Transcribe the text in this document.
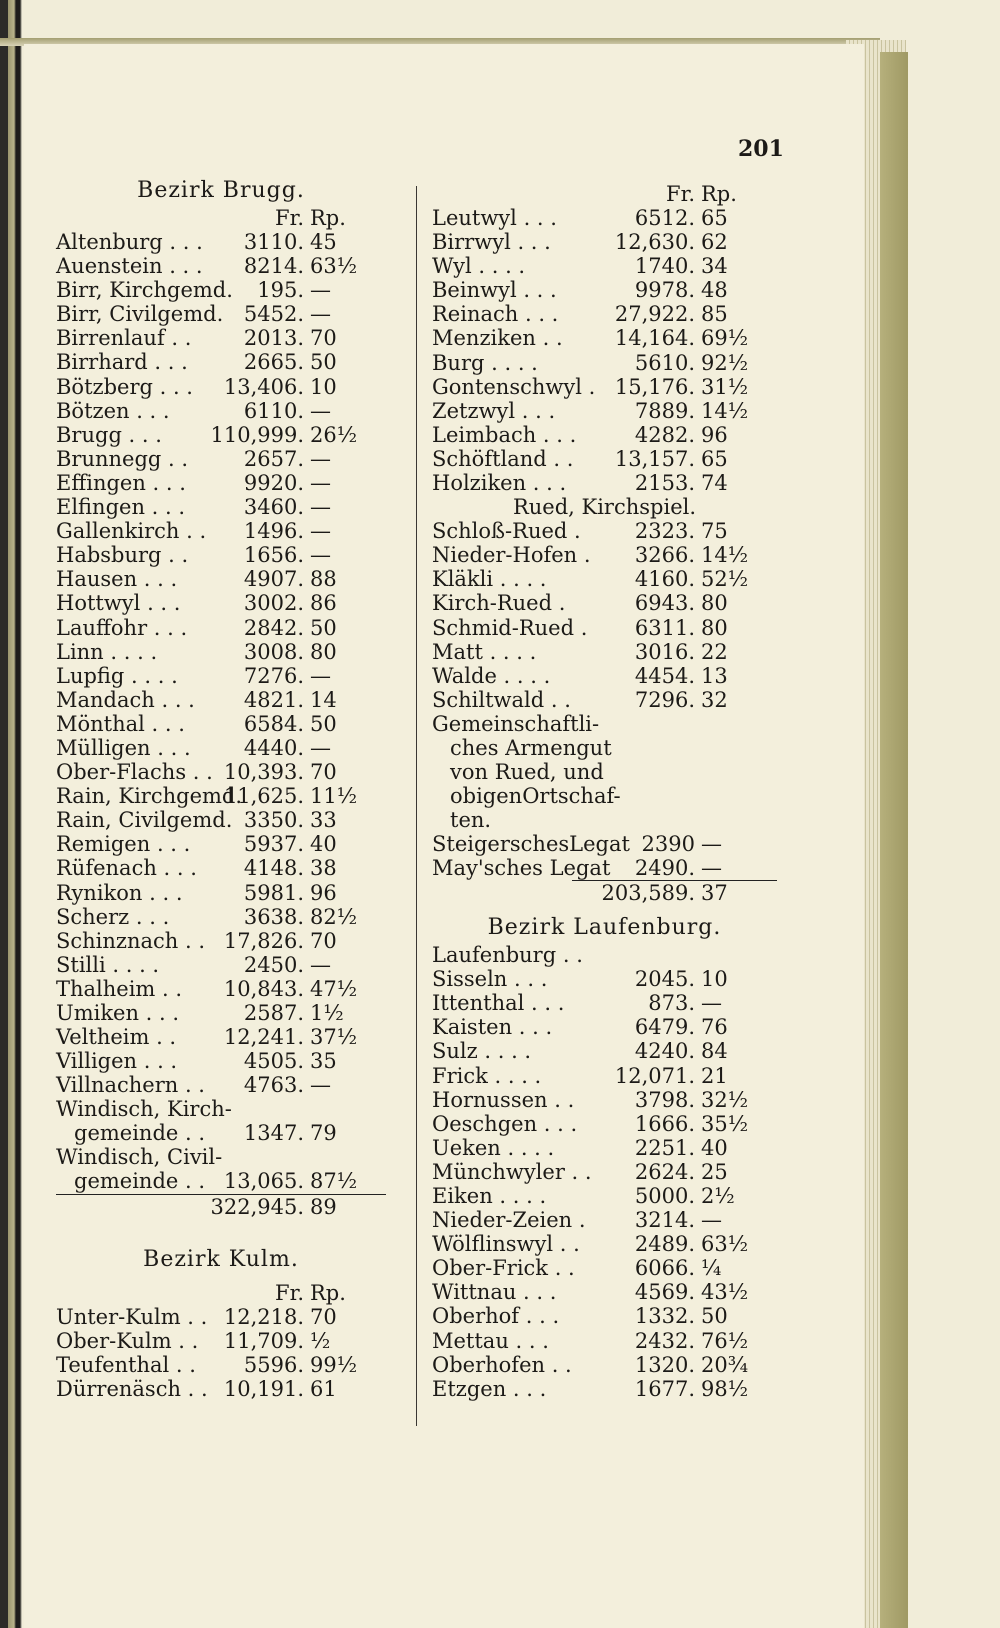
201
Bezirk Brugg.
Fr. Rp.
Altenburg . . . 3110. 45
Auenstein . . . 8214. 63½
Birr, Kirchgemd. 195. —
Birr, Civilgemd. 5452. —
Birrenlauf . . 2013. 70
Birrhard . . .	2665. 50
Bötzberg . . . 13,406. 10
Bötzen . . .	6110. —
Brugg . . . 110,999. 26½
Brunnegg . .	2657. —
Effingen . . .	9920. —
Elfingen . . .	3460. —
Gallenkirch . . 1496. —
Habsburg . .	1656. —
Hausen . . .	4907. 88
Hottwyl . . .	3002. 86
Lauffohr . . .	2842. 50
Linn . . . .	3008. 80
Lupfig . . . .	7276. —
Mandach . . . 4821. 14
Mönthal . . .	6584. 50
Mülligen . . .	4440. —
Ober-Flachs . . 10,393. 70
Rain, Kirchgemd.
11,625. 11½
Rain, Civilgemd. 3350. 33
Remigen . . .	5937. 40
Rüfenach . . . 4148. 38
Rynikon . . .	5981. 96
Scherz . . .	3638. 82½
Schinznach . . 17,826. 70
Stilli . . . .	2450. —
Thalheim . . 10,843. 47½
Umiken . . .	2587. 1½
Veltheim . . 12,241. 37½
Villigen . . .	4505. 35
Villnachern . . 4763. —
Windisch, Kirch-
gemeinde . . 1347. 79
Windisch, Civil-
gemeinde . . 13,065. 87½
322,945. 89
Bezirk Kulm.
Fr. Rp.
Unter-Kulm . . 12,218. 70
Ober-Kulm . . 11,709. ½
Teufenthal . . 5596. 99½
Dürrenäsch . . 10,191. 61
Fr. Rp.
Leutwyl . . .	6512. 65
Birrwyl . . .	12,630. 62
Wyl . . . .	1740. 34
Beinwyl . . .	9978. 48
Reinach . . .	27,922. 85
Menziken . . 14,164. 69½
Burg . . . .	5610. 92½
Gontenschwyl . 15,176. 31½
Zetzwyl . . .	7889. 14½
Leimbach . . .	4282. 96
Schöftland . . 13,157. 65
Holziken . . .	2153. 74
Rued, Kirchspiel.
Schloß-Rued .	2323. 75
Nieder-Hofen . 3266. 14½
Kläkli . . . .	4160. 52½
Kirch-Rued .	6943. 80
Schmid-Rued . 6311. 80
Matt . . . .	3016. 22
Walde . . . .	4454. 13
Schiltwald . .	7296. 32
Gemeinschaftli-
ches Armengut
von Rued, und
obigenOrtschaf-
ten.
SteigerschesLegat 2390 —
May'sches Legat 2490. —
203,589. 37
Bezirk Laufenburg.
Laufenburg . .
Sisseln . . .	2045. 10
Ittenthal . . .	873. —
Kaisten . . .	6479. 76
Sulz . . . .	4240. 84
Frick . . . .	12,071. 21
Hornussen . .	3798. 32½
Oeschgen . . .	1666. 35½
Ueken . . . .	2251. 40
Münchwyler . . 2624. 25
Eiken . . . .	5000. 2½
Nieder-Zeien . 3214. —
Wölflinswyl . .	2489. 63½
Ober-Frick . .	6066. ¼
Wittnau . . .	4569. 43½
Oberhof . . .	1332. 50
Mettau . . .	2432. 76½
Oberhofen . .	1320. 20¾
Etzgen . . .	1677. 98½
